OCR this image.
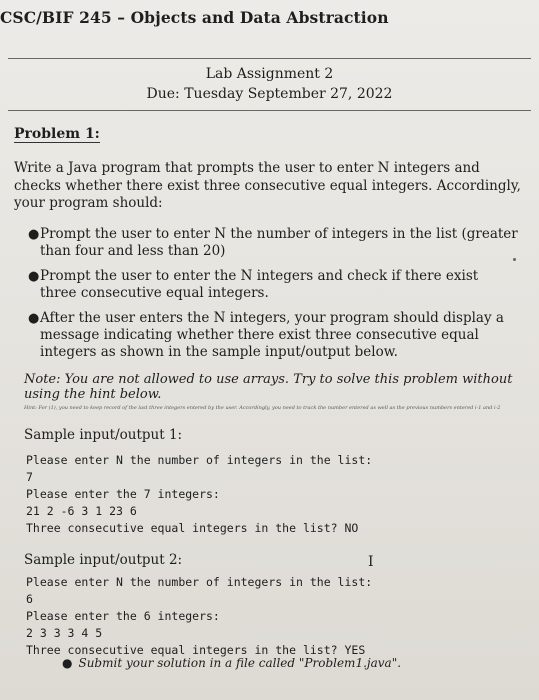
CSC/BIF 245 – Objects and Data Abstraction
Lab Assignment 2
Due: Tuesday September 27, 2022
Problem 1:
Write a Java program that prompts the user to enter N integers and checks whether there exist three consecutive equal integers. Accordingly, your program should:
● Prompt the user to enter N the number of integers in the list (greater than four and less than 20)
● Prompt the user to enter the N integers and check if there exist three consecutive equal integers.
● After the user enters the N integers, your program should display a message indicating whether there exist three consecutive equal integers as shown in the sample input/output below.
Note: You are not allowed to use arrays. Try to solve this problem without using the hint below.
Hint: For (1), you need to keep record of the last three integers entered by the user. Accordingly, you need to track the number entered as well as the previous numbers entered i-1 and i-2
Sample input/output 1:
Please enter N the number of integers in the list:
7
Please enter the 7 integers:
21 2 -6 3 1 23 6
Three consecutive equal integers in the list? NO
Sample input/output 2:	I
Please enter N the number of integers in the list:
6
Please enter the 6 integers:
2 3 3 3 4 5
Three consecutive equal integers in the list? YES
● Submit your solution in a file called "Problem1.java".
